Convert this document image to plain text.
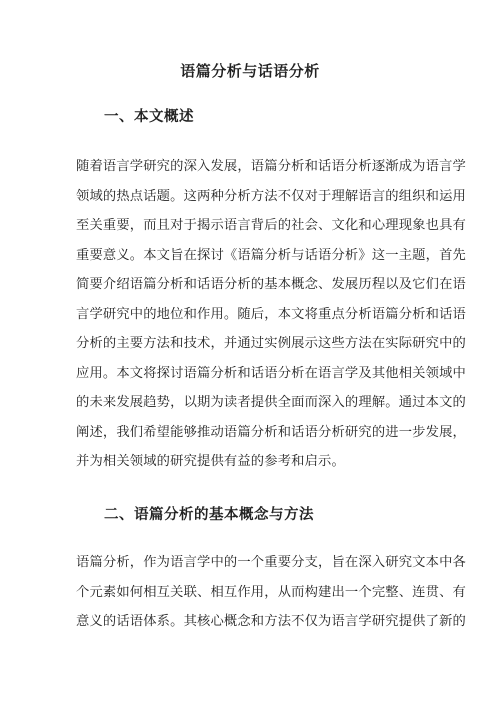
语篇分析与话语分析
一、本文概述
随着语言学研究的深入发展，语篇分析和话语分析逐渐成为语言学
领域的热点话题。这两种分析方法不仅对于理解语言的组织和运用
至关重要，而且对于揭示语言背后的社会、文化和心理现象也具有
重要意义。本文旨在探讨《语篇分析与话语分析》这一主题，首先
简要介绍语篇分析和话语分析的基本概念、发展历程以及它们在语
言学研究中的地位和作用。随后，本文将重点分析语篇分析和话语
分析的主要方法和技术，并通过实例展示这些方法在实际研究中的
应用。本文将探讨语篇分析和话语分析在语言学及其他相关领域中
的未来发展趋势，以期为读者提供全面而深入的理解。通过本文的
阐述，我们希望能够推动语篇分析和话语分析研究的进一步发展，
并为相关领域的研究提供有益的参考和启示。
二、语篇分析的基本概念与方法
语篇分析，作为语言学中的一个重要分支，旨在深入研究文本中各
个元素如何相互关联、相互作用，从而构建出一个完整、连贯、有
意义的话语体系。其核心概念和方法不仅为语言学研究提供了新的
